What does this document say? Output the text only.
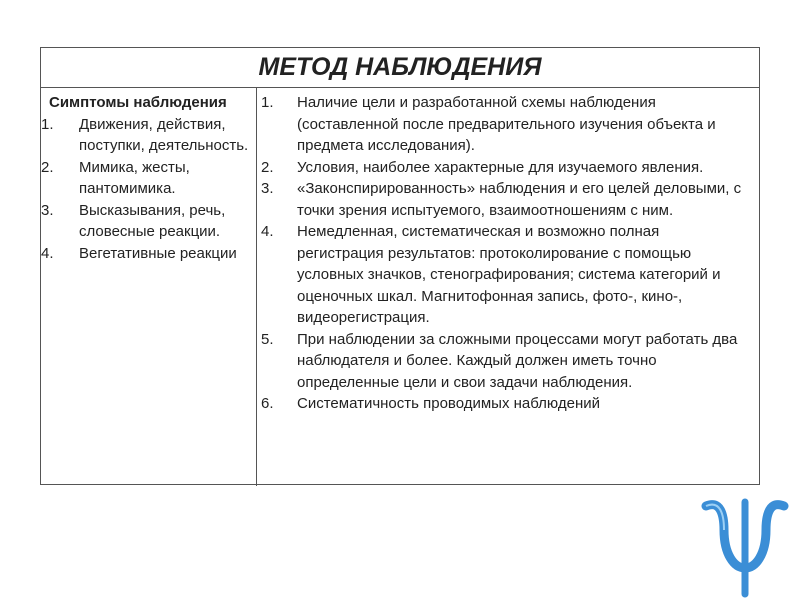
МЕТОД НАБЛЮДЕНИЯ
Симптомы наблюдения
1.	Движения, действия, поступки, деятельность.
2.	Мимика, жесты, пантомимика.
3.	Высказывания, речь, словесные реакции.
4.	Вегетативные реакции
1.	Наличие цели и разработанной схемы наблюдения (составленной после предварительного изучения объекта и предмета исследования).
2.	Условия, наиболее характерные для изучаемого явления.
3.	«Законспирированность» наблюдения и его целей деловыми, с точки зрения испытуемого, взаимоотношениям с ним.
4.	Немедленная, систематическая и возможно полная регистрация результатов: протоколирование с помощью условных значков, стенографирования; система категорий и оценочных шкал. Магнитофонная запись, фото-, кино-, видеорегистрация.
5.	При наблюдении за сложными процессами могут работать два наблюдателя и более. Каждый должен иметь точно определенные цели и свои задачи наблюдения.
6.	Систематичность проводимых наблюдений
